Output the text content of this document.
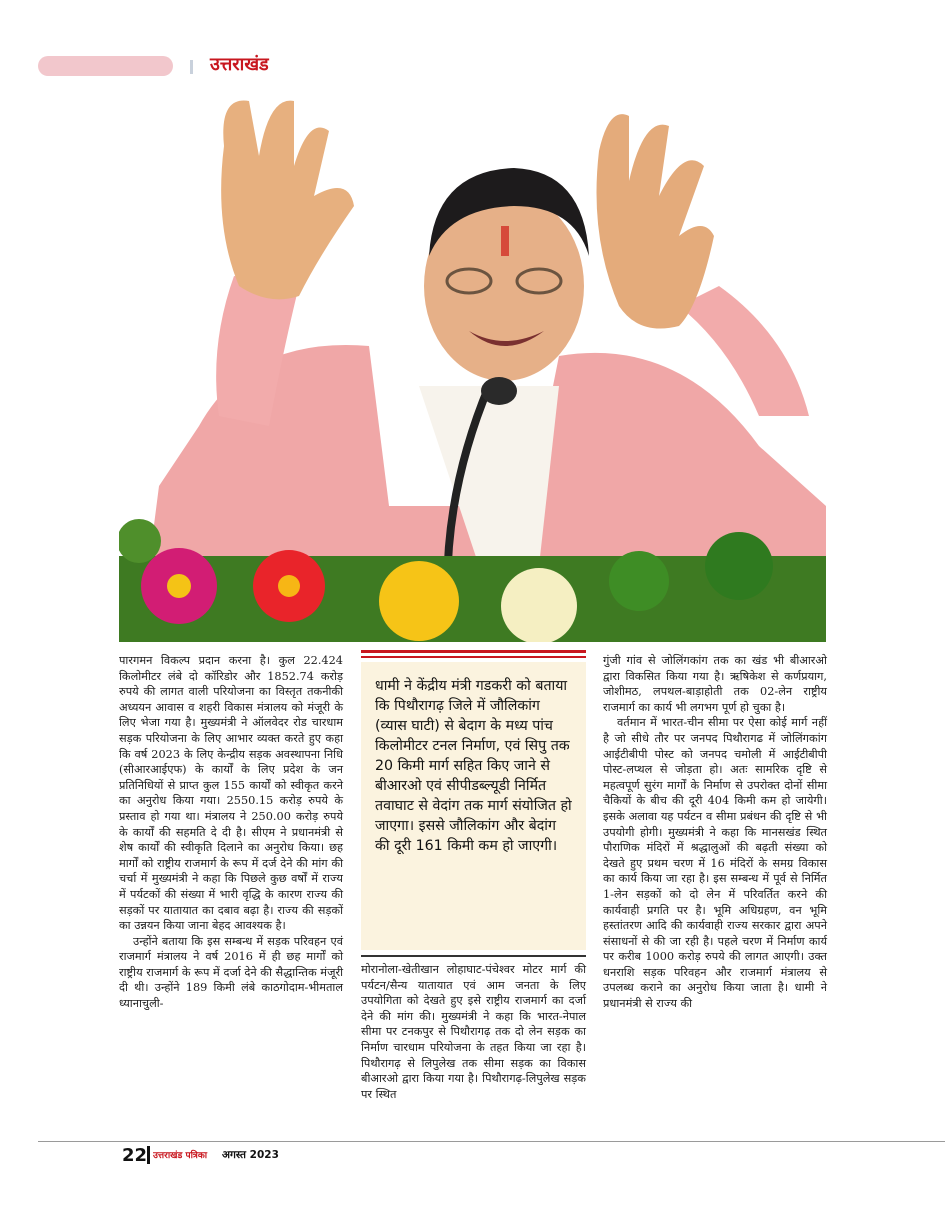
उत्तराखंड

पारगमन विकल्प प्रदान करना है। कुल 22.424 किलोमीटर लंबे दो कॉरिडोर और 1852.74 करोड़ रुपये की लागत वाली परियोजना का विस्तृत तकनीकी अध्ययन आवास व शहरी विकास मंत्रालय को मंजूरी के लिए भेजा गया है। मुख्यमंत्री ने ऑलवेदर रोड चारधाम सड़क परियोजना के लिए आभार व्यक्त करते हुए कहा कि वर्ष 2023 के लिए केन्द्रीय सड़क अवस्थापना निधि (सीआरआईएफ) के कार्यों के लिए प्रदेश के जन प्रतिनिधियों से प्राप्त कुल 155 कार्यों को स्वीकृत करने का अनुरोध किया गया। 2550.15 करोड़ रुपये के प्रस्ताव हो गया था। मंत्रालय ने 250.00 करोड़ रुपये के कार्यों की सहमति दे दी है। सीएम ने प्रधानमंत्री से शेष कार्यों की स्वीकृति दिलाने का अनुरोध किया। छह मार्गों को राष्ट्रीय राजमार्ग के रूप में दर्ज देने की मांग की चर्चा में मुख्यमंत्री ने कहा कि पिछले कुछ वर्षों में राज्य में पर्यटकों की संख्या में भारी वृद्धि के कारण राज्य की सड़कों पर यातायात का दबाव बढ़ा है। राज्य की सड़कों का उन्नयन किया जाना बेहद आवश्यक है।

उन्होंने बताया कि इस सम्बन्ध में सड़क परिवहन एवं राजमार्ग मंत्रालय ने वर्ष 2016 में ही छह मार्गों को राष्ट्रीय राजमार्ग के रूप में दर्जा देने की सैद्धान्तिक मंजूरी दी थी। उन्होंने 189 किमी लंबे काठगोदाम-भीमताल ध्यानाचुली-

धामी ने केंद्रीय मंत्री गडकरी को बताया कि पिथौरागढ़ जिले में जौलिकांग (व्यास घाटी) से बेदाग के मध्य पांच किलोमीटर टनल निर्माण, एवं सिपु तक 20 किमी मार्ग सहित किए जाने से बीआरओ एवं सीपीडब्ल्यूडी निर्मित तवाघाट से वेदांग तक मार्ग संयोजित हो जाएगा। इससे जौलिकांग और बेदांग की दूरी 161 किमी कम हो जाएगी।
मोरानोला-खेतीखान लोहाघाट-पंचेश्वर मोटर मार्ग की पर्यटन/सैन्य यातायात एवं आम जनता के लिए उपयोगिता को देखते हुए इसे राष्ट्रीय राजमार्ग का दर्जा देने की मांग की। मुख्यमंत्री ने कहा कि भारत-नेपाल सीमा पर टनकपुर से पिथौरागढ़ तक दो लेन सड़क का निर्माण चारधाम परियोजना के तहत किया जा रहा है। पिथौरागढ़ से लिपुलेख तक सीमा सड़क का विकास बीआरओ द्वारा किया गया है। पिथौरागढ़-लिपुलेख सड़क पर स्थित

गुंजी गांव से जोलिंगकांग तक का खंड भी बीआरओ द्वारा विकसित किया गया है। ऋषिकेश से कर्णप्रयाग, जोशीमठ, लपथल-बाड़ाहोती तक 02-लेन राष्ट्रीय राजमार्ग का कार्य भी लगभग पूर्ण हो चुका है।

वर्तमान में भारत-चीन सीमा पर ऐसा कोई मार्ग नहीं है जो सीधे तौर पर जनपद पिथौरागढ में जोलिंगकांग आईटीबीपी पोस्ट को जनपद चमोली में आईटीबीपी पोस्ट-लप्थल से जोड़ता हो। अतः सामरिक दृष्टि से महत्वपूर्ण सुरंग मार्गों के निर्माण से उपरोक्त दोनों सीमा चैकियों के बीच की दूरी 404 किमी कम हो जायेगी। इसके अलावा यह पर्यटन व सीमा प्रबंधन की दृष्टि से भी उपयोगी होगी। मुख्यमंत्री ने कहा कि मानसखंड स्थित पौराणिक मंदिरों में श्रद्धालुओं की बढ़ती संख्या को देखते हुए प्रथम चरण में 16 मंदिरों के समग्र विकास का कार्य किया जा रहा है। इस सम्बन्ध में पूर्व से निर्मित 1-लेन सड़कों को दो लेन में परिवर्तित करने की कार्यवाही प्रगति पर है। भूमि अधिग्रहण, वन भूमि हस्तांतरण आदि की कार्यवाही राज्य सरकार द्वारा अपने संसाधनों से की जा रही है। पहले चरण में निर्माण कार्य पर करीब 1000 करोड़ रुपये की लागत आएगी। उक्त धनराशि सड़क परिवहन और राजमार्ग मंत्रालय से उपलब्ध कराने का अनुरोध किया जाता है। धामी ने प्रधानमंत्री से राज्य की

22 उत्तराखंड पत्रिका अगस्त 2023
